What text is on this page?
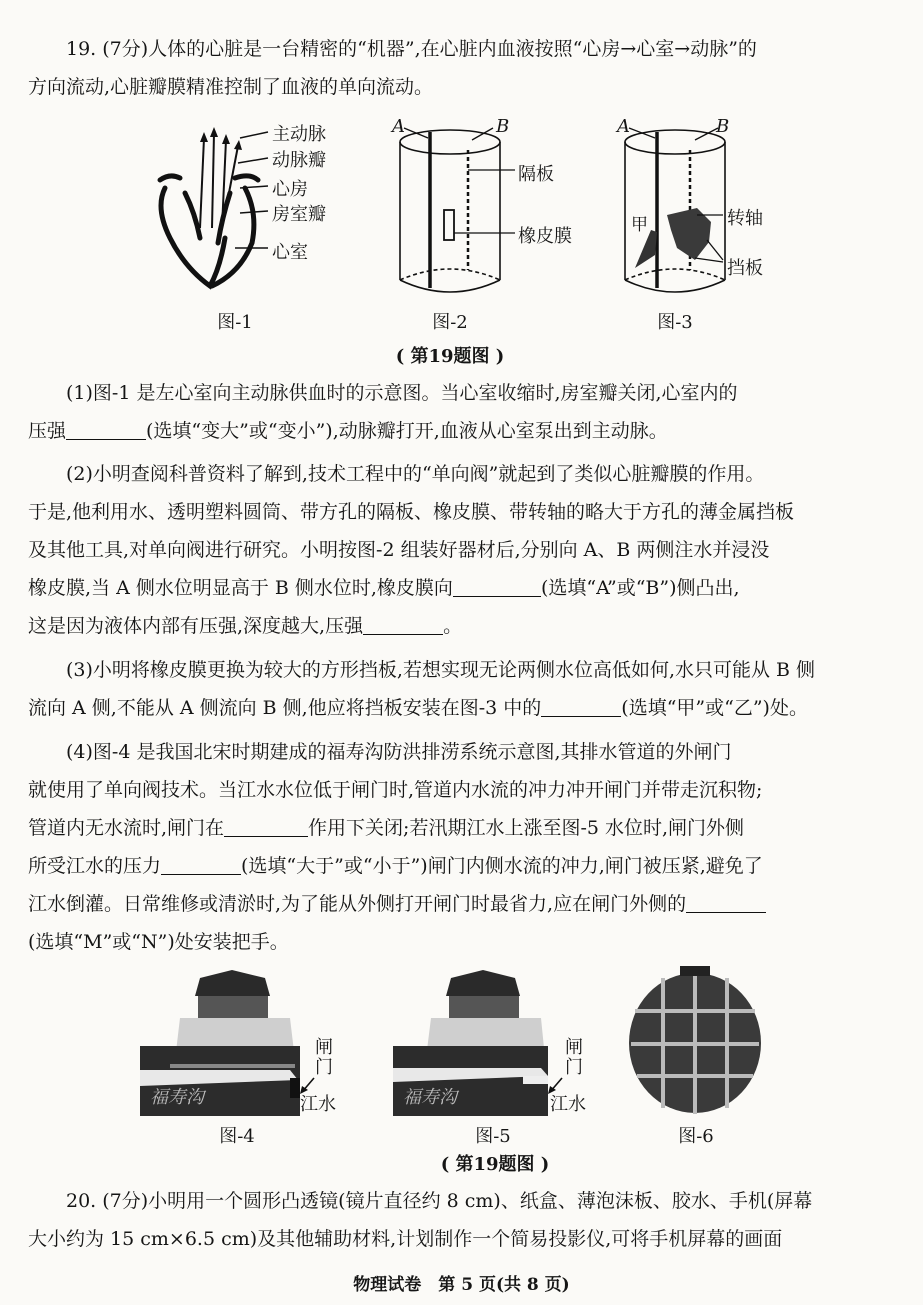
19. (7分)人体的心脏是一台精密的“机器”,在心脏内血液按照“心房→心室→动脉”的

方向流动,心脏瓣膜精准控制了血液的单向流动。

主动脉
动脉瓣
心房
房室瓣
心室
图-1
A	B
隔板
橡皮膜
图-2
A	B
甲	转轴
挡板
图-3
( 第19题图 )

(1)图-1 是左心室向主动脉供血时的示意图。当心室收缩时,房室瓣关闭,心室内的

压强	(选填“变大”或“变小”),动脉瓣打开,血液从心室泵出到主动脉。

(2)小明查阅科普资料了解到,技术工程中的“单向阀”就起到了类似心脏瓣膜的作用。

于是,他利用水、透明塑料圆筒、带方孔的隔板、橡皮膜、带转轴的略大于方孔的薄金属挡板

及其他工具,对单向阀进行研究。小明按图-2 组装好器材后,分别向 A、B 两侧注水并浸没

橡皮膜,当 A 侧水位明显高于 B 侧水位时,橡皮膜向	(选填“A”或“B”)侧凸出,

这是因为液体内部有压强,深度越大,压强	。

(3)小明将橡皮膜更换为较大的方形挡板,若想实现无论两侧水位高低如何,水只可能从 B 侧

流向 A 侧,不能从 A 侧流向 B 侧,他应将挡板安装在图-3 中的	(选填“甲”或“乙”)处。

(4)图-4 是我国北宋时期建成的福寿沟防洪排涝系统示意图,其排水管道的外闸门

就使用了单向阀技术。当江水水位低于闸门时,管道内水流的冲力冲开闸门并带走沉积物;

管道内无水流时,闸门在	作用下关闭;若汛期江水上涨至图-5 水位时,闸门外侧

所受江水的压力	(选填“大于”或“小于”)闸门内侧水流的冲力,闸门被压紧,避免了

江水倒灌。日常维修或清淤时,为了能从外侧打开闸门时最省力,应在闸门外侧的

(选填“M”或“N”)处安装把手。

福寿沟
闸门
江水
图-4
福寿沟
闸门
江水
图-5	图-6
( 第19题图 )

20. (7分)小明用一个圆形凸透镜(镜片直径约 8 cm)、纸盒、薄泡沫板、胶水、手机(屏幕

大小约为 15 cm×6.5 cm)及其他辅助材料,计划制作一个简易投影仪,可将手机屏幕的画面

物理试卷　第 5 页(共 8 页)
